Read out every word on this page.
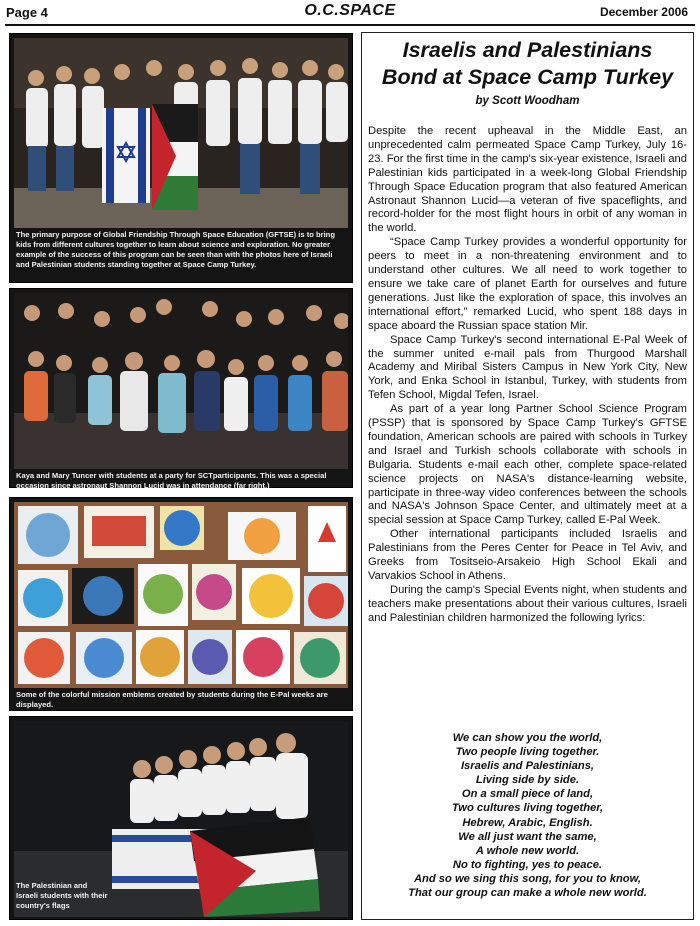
Page 4	O.C.SPACE	December 2006
The primary purpose of Global Friendship Through Space Education (GFTSE) is to bring kids from different cultures together to learn about science and exploration. No greater example of the success of this program can be seen than with the photos here of Israeli and Palestinian students standing together at Space Camp Turkey.
Kaya and Mary Tuncer with students at a party for SCTparticipants. This was a special occasion since astronaut Shannon Lucid was in attendance (far right.)
Some of the colorful mission emblems created by students during the E-Pal weeks are displayed.
The Palestinian and Israeli students with their country's flags
Israelis and Palestinians
Bond at Space Camp Turkey
by Scott Woodham

Despite the recent upheaval in the Middle East, an unprecedented calm permeated Space Camp Turkey, July 16-23. For the first time in the camp's six-year existence, Israeli and Palestinian kids participated in a week-long Global Friendship Through Space Education program that also featured American Astronaut Shannon Lucid—a veteran of five spaceflights, and record-holder for the most flight hours in orbit of any woman in the world.

“Space Camp Turkey provides a wonderful opportunity for peers to meet in a non-threatening environment and to understand other cultures. We all need to work together to ensure we take care of planet Earth for ourselves and future generations. Just like the exploration of space, this involves an international effort,” remarked Lucid, who spent 188 days in space aboard the Russian space station Mir.

Space Camp Turkey's second international E-Pal Week of the summer united e-mail pals from Thurgood Marshall Academy and Miribal Sisters Campus in New York City, New York, and Enka School in Istanbul, Turkey, with students from Tefen School, Migdal Tefen, Israel.

As part of a year long Partner School Science Program (PSSP) that is sponsored by Space Camp Turkey's GFTSE foundation, American schools are paired with schools in Turkey and Israel and Turkish schools collaborate with schools in Bulgaria. Students e-mail each other, complete space-related science projects on NASA's distance-learning website, participate in three-way video conferences between the schools and NASA's Johnson Space Center, and ultimately meet at a special session at Space Camp Turkey, called E-Pal Week.

Other international participants included Israelis and Palestinians from the Peres Center for Peace in Tel Aviv, and Greeks from Tositseio-Arsakeio High School Ekali and Varvakios School in Athens.

During the camp's Special Events night, when students and teachers make presentations about their various cultures, Israeli and Palestinian children harmonized the following lyrics:

We can show you the world,
Two people living together.
Israelis and Palestinians,
Living side by side.
On a small piece of land,
Two cultures living together,
Hebrew, Arabic, English.
We all just want the same,
A whole new world.
No to fighting, yes to peace.
And so we sing this song, for you to know,
That our group can make a whole new world.
